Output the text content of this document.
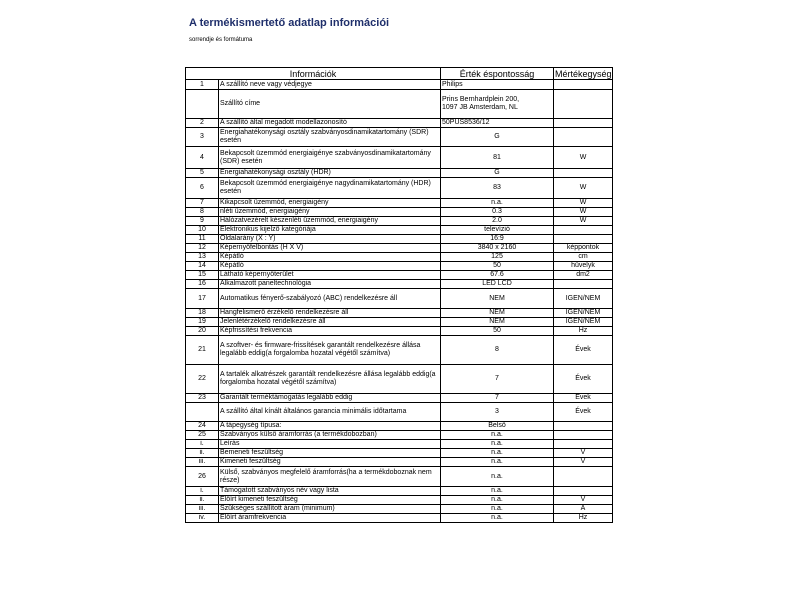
A termékismertető adatlap információi
sorrendje és formátuma
Információk		Érték éspontosság	Mértékegység
1	A szállító neve vagy védjegye	Philips	
	Szállító címe	Prins Bernhardplein 200,
1097 JB Amsterdam, NL	
2	A szállító által megadott modellazonosító	50PUS8536/12	
3	Energiahatékonysági osztály szabványosdinamikatartomány (SDR) esetén	G	
4	Bekapcsolt üzemmód energiaigénye szabványosdinamikatartomány (SDR) esetén	81	W
5	Energiahatékonysági osztály (HDR)	G	
6	Bekapcsolt üzemmód energiaigénye nagydinamikatartomány (HDR) esetén	83	W
7	Kikapcsolt üzemmód, energiaigény	n.a.	W
8	nléti üzemmód, energiaigény	0.3	W
9	Hálózatvezérelt készenléti üzemmód, energiaigény	2.0	W
10	Elektronikus kijelző kategóriája	televízió	
11	Oldalarány (X : Y)	16:9	
12	Képernyőfelbontás (H X V)	3840 x 2160	képpontok
13	Képátló	125	cm
14	Képátló	50	hüvelyk
15	Látható képernyőterület	67.6	dm2
16	Alkalmazott paneltechnológia	LED LCD	
17	Automatikus fényerő-szabályozó (ABC) rendelkezésre áll	NEM	IGEN/NEM
18	Hangfelismerő érzékelő rendelkezésre áll	NEM	IGEN/NEM
19	Jelenlétérzékelő rendelkezésre áll	NEM	IGEN/NEM
20	Képfrissítési frekvencia	50	Hz
21	A szoftver- és firmware-frissítések garantált rendelkezésre állása legalább eddig(a forgalomba hozatal végétől számítva)	8	Évek
22	A tartalék alkatrészek garantált rendelkezésre állása legalább eddig(a forgalomba hozatal végétől számítva)	7	Évek
23	Garantált terméktámogatás legalább eddig	7	Évek
	A szállító által kínált általános garancia minimális időtartama	3	Évek
24	A tápegység típusa:	Belső	
25	Szabványos külső áramforrás (a termékdobozban)	n.a.	
i.	Leírás	n.a.	
ii.	Bemeneti feszültség	n.a.	V
iii.	Kimeneti feszültség	n.a.	V
26	Külső, szabványos megfelelő áramforrás(ha a termékdoboznak nem része)	n.a.	
i.	Támogatott szabványos név vagy lista	n.a.	
ii.	Előírt kimeneti feszültség	n.a.	V
iii.	Szükséges szállított áram (minimum)	n.a.	A
iv.	Előírt áramfrekvencia	n.a.	Hz
